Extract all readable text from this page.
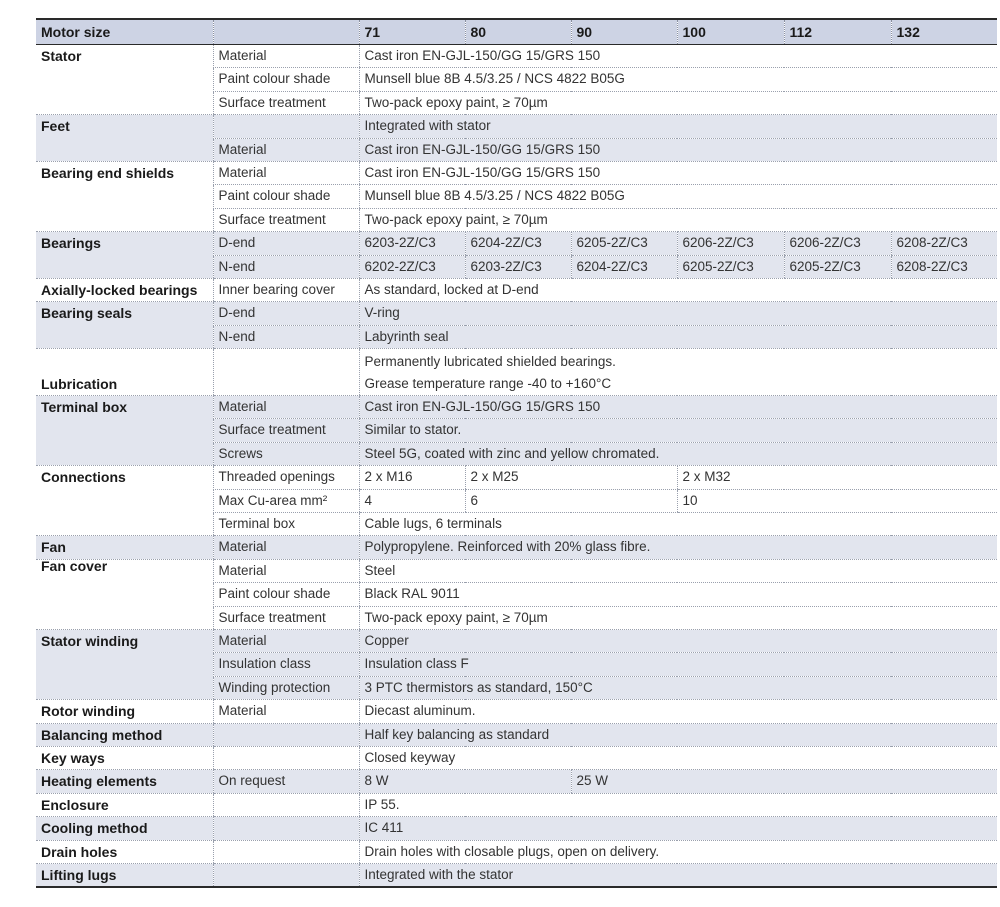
Motor size		71	80	90	100	112	132
Stator	Material	Cast iron EN-GJL-150/GG 15/GRS 150					
	Paint colour shade	Munsell blue 8B 4.5/3.25 / NCS 4822 B05G					
	Surface treatment	Two-pack epoxy paint, ≥ 70µm					
Feet		Integrated with stator					
	Material	Cast iron EN-GJL-150/GG 15/GRS 150					
Bearing end shields	Material	Cast iron EN-GJL-150/GG 15/GRS 150					
	Paint colour shade	Munsell blue 8B 4.5/3.25 / NCS 4822 B05G					
	Surface treatment	Two-pack epoxy paint, ≥ 70µm					
Bearings	D-end	6203-2Z/C3	6204-2Z/C3	6205-2Z/C3	6206-2Z/C3	6206-2Z/C3	6208-2Z/C3
	N-end	6202-2Z/C3	6203-2Z/C3	6204-2Z/C3	6205-2Z/C3	6205-2Z/C3	6208-2Z/C3
Axially-locked bearings	Inner bearing cover	As standard, locked at D-end					
Bearing seals	D-end	V-ring					
	N-end	Labyrinth seal					
Lubrication		Permanently lubricated shielded bearings.
Grease temperature range -40 to +160°C					

Terminal box	Material	Cast iron EN-GJL-150/GG 15/GRS 150					
	Surface treatment	Similar to stator.					
	Screws	Steel 5G, coated with zinc and yellow chromated.					
Connections	Threaded openings	2 x M16	2 x M25		2 x M32		
	Max Cu-area mm²	4	6		10		
	Terminal box	Cable lugs, 6 terminals					
Fan	Material	Polypropylene. Reinforced with 20% glass fibre.					
Fan cover	Material	Steel					
	Paint colour shade	Black RAL 9011					
	Surface treatment	Two-pack epoxy paint, ≥ 70µm					
Stator winding	Material	Copper					
	Insulation class	Insulation class F					
	Winding protection	3 PTC thermistors as standard, 150°C					
Rotor winding	Material	Diecast aluminum.					
Balancing method		Half key balancing as standard					
Key ways		Closed keyway					
Heating elements	On request	8 W		25 W			
Enclosure		IP 55.					
Cooling method		IC 411					
Drain holes		Drain holes with closable plugs, open on delivery.					
Lifting lugs		Integrated with the stator					
